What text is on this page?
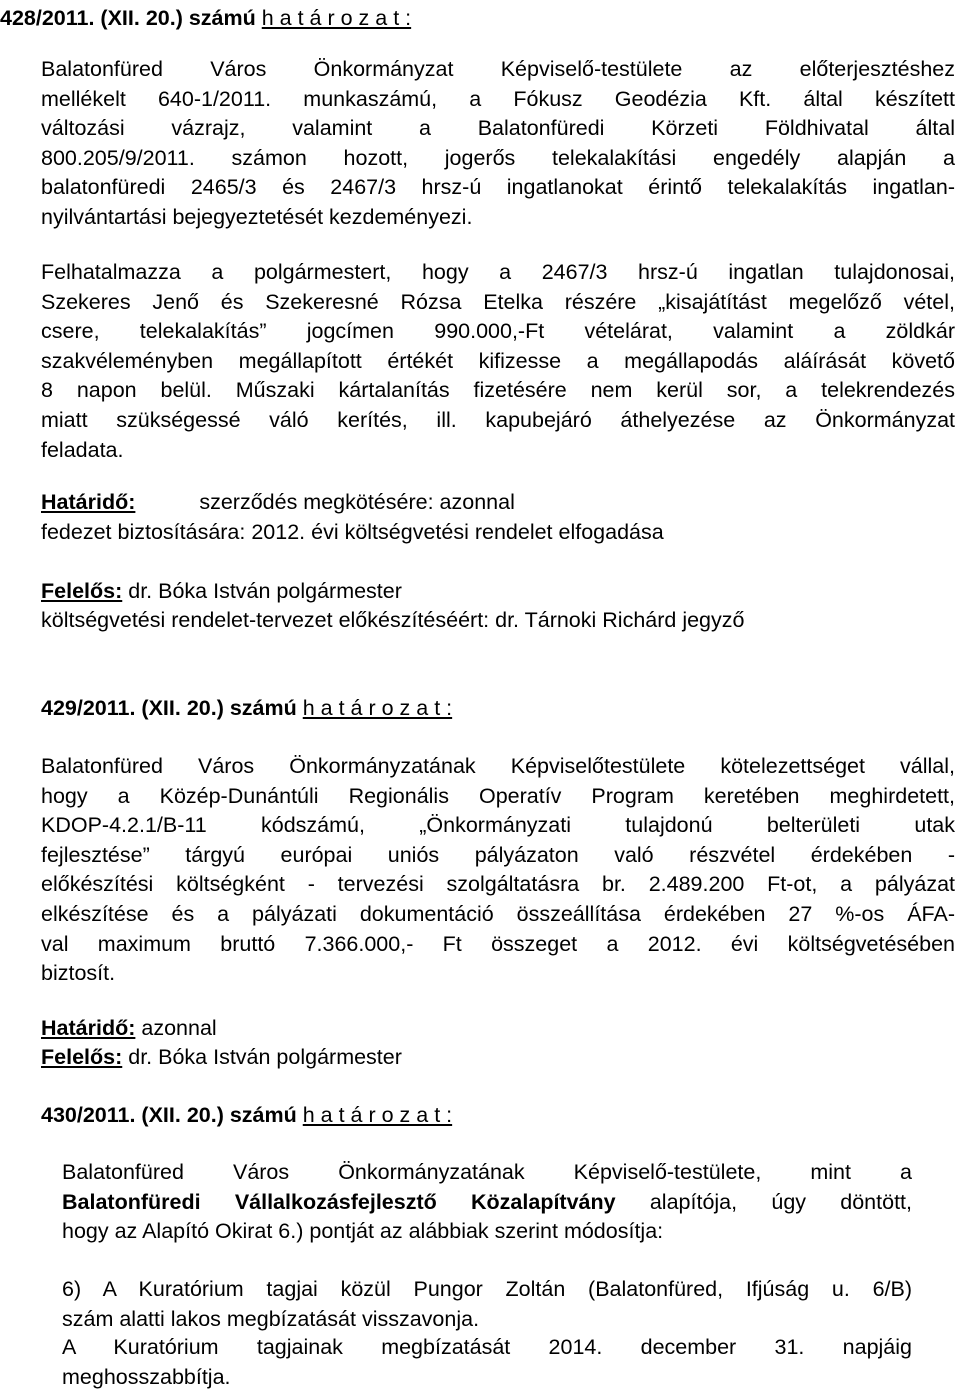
428/2011. (XII. 20.) számú h a t á r o z a t :
Balatonfüred Város Önkormányzat Képviselő-testülete az előterjesztéshez
mellékelt 640-1/2011. munkaszámú, a Fókusz Geodézia Kft. által készített
változási vázrajz, valamint a Balatonfüredi Körzeti Földhivatal által
800.205/9/2011. számon hozott, jogerős telekalakítási engedély alapján a
balatonfüredi 2465/3 és 2467/3 hrsz-ú ingatlanokat érintő telekalakítás ingatlan-
nyilvántartási bejegyeztetését kezdeményezi.
Felhatalmazza a polgármestert, hogy a 2467/3 hrsz-ú ingatlan tulajdonosai,
Szekeres Jenő és Szekeresné Rózsa Etelka részére „kisajátítást megelőző vétel,
csere, telekalakítás” jogcímen 990.000,-Ft vételárat, valamint a zöldkár
szakvéleményben megállapított értékét kifizesse a megállapodás aláírását követő
8 napon belül. Műszaki kártalanítás fizetésére nem kerül sor, a telekrendezés
miatt szükségessé váló kerítés, ill. kapubejáró áthelyezése az Önkormányzat
feladata.
Határidő:	szerződés megkötésére: azonnal
fedezet biztosítására: 2012. évi költségvetési rendelet elfogadása
Felelős: dr. Bóka István polgármester
költségvetési rendelet-tervezet előkészítéséért: dr. Tárnoki Richárd jegyző
429/2011. (XII. 20.) számú h a t á r o z a t :
Balatonfüred Város Önkormányzatának Képviselőtestülete kötelezettséget vállal,
hogy a Közép-Dunántúli Regionális Operatív Program keretében meghirdetett,
KDOP-4.2.1/B-11 kódszámú, „Önkormányzati tulajdonú belterületi utak
fejlesztése” tárgyú európai uniós pályázaton való részvétel érdekében -
előkészítési költségként - tervezési szolgáltatásra br. 2.489.200 Ft-ot, a pályázat
elkészítése és a pályázati dokumentáció összeállítása érdekében 27 %-os ÁFA-
val maximum bruttó 7.366.000,- Ft összeget a 2012. évi költségvetésében
biztosít.
Határidő: azonnal
Felelős: dr. Bóka István polgármester
430/2011. (XII. 20.) számú h a t á r o z a t :
Balatonfüred Város Önkormányzatának Képviselő-testülete, mint a
Balatonfüredi Vállalkozásfejlesztő Közalapítvány alapítója, úgy döntött,
hogy az Alapító Okirat 6.) pontját az alábbiak szerint módosítja:
6) A Kuratórium tagjai közül Pungor Zoltán (Balatonfüred, Ifjúság u. 6/B)
szám alatti lakos megbízatását visszavonja.
A Kuratórium tagjainak megbízatását 2014. december 31. napjáig
meghosszabbítja.
